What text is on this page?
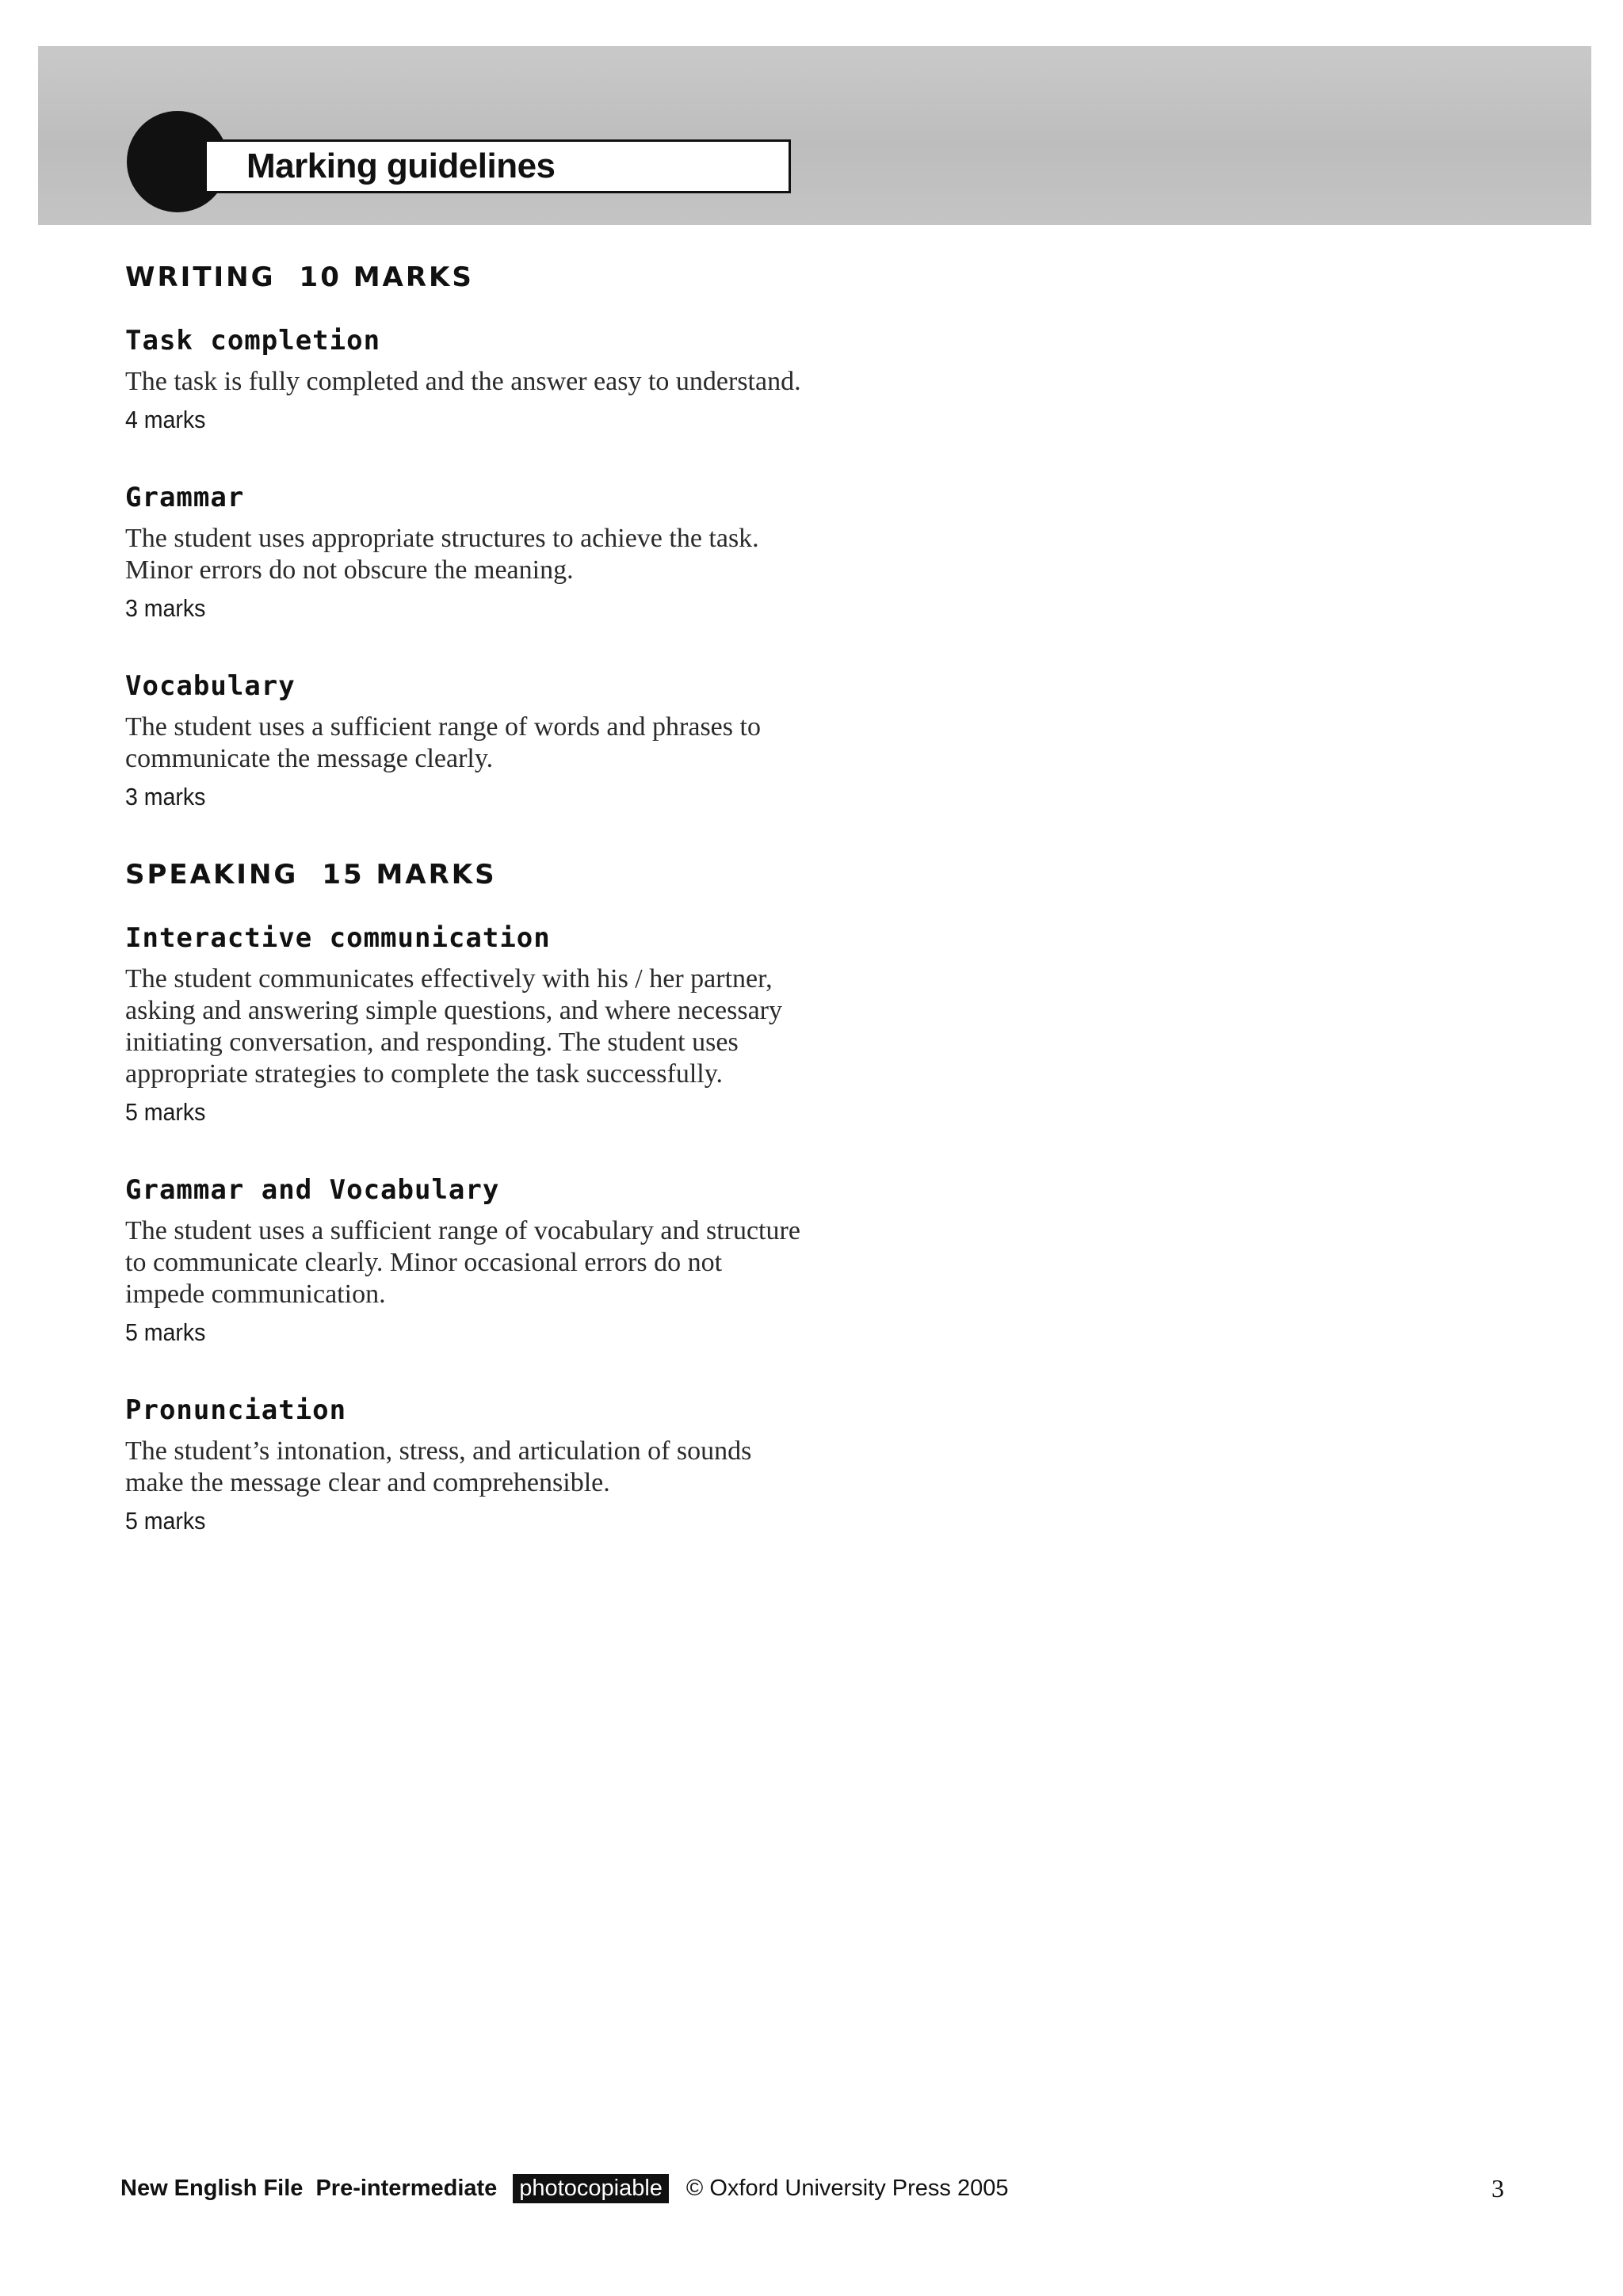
Marking guidelines
WRITING 10 MARKS
Task completion

The task is fully completed and the answer easy to understand.

4 marks
Grammar

The student uses appropriate structures to achieve the task.
Minor errors do not obscure the meaning.

3 marks
Vocabulary

The student uses a sufficient range of words and phrases to
communicate the message clearly.

3 marks
SPEAKING 15 MARKS
Interactive communication

The student communicates effectively with his / her partner,
asking and answering simple questions, and where necessary
initiating conversation, and responding. The student uses
appropriate strategies to complete the task successfully.

5 marks
Grammar and Vocabulary

The student uses a sufficient range of vocabulary and structure
to communicate clearly. Minor occasional errors do not
impede communication.

5 marks
Pronunciation

The student’s intonation, stress, and articulation of sounds
make the message clear and comprehensible.

5 marks
New English File Pre-intermediate photocopiable © Oxford University Press 2005	3
